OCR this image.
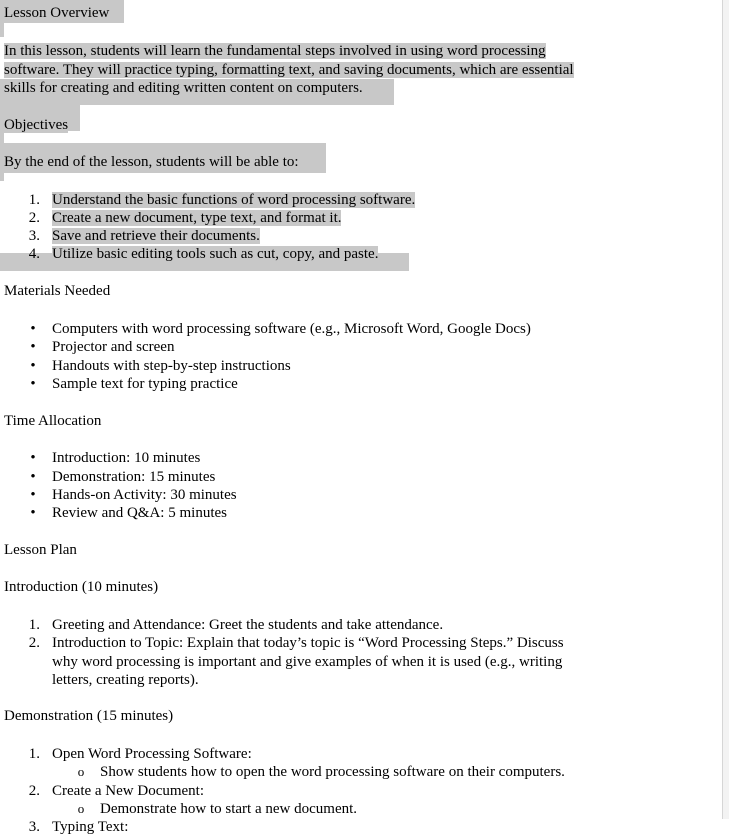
Lesson Overview
In this lesson, students will learn the fundamental steps involved in using word processing
software. They will practice typing, formatting text, and saving documents, which are essential
skills for creating and editing written content on computers.
Objectives
By the end of the lesson, students will be able to:
1. Understand the basic functions of word processing software.
2. Create a new document, type text, and format it.
3. Save and retrieve their documents.
4. Utilize basic editing tools such as cut, copy, and paste.
Materials Needed
• Computers with word processing software (e.g., Microsoft Word, Google Docs)
• Projector and screen
• Handouts with step-by-step instructions
• Sample text for typing practice
Time Allocation
• Introduction: 10 minutes
• Demonstration: 15 minutes
• Hands-on Activity: 30 minutes
• Review and Q&A: 5 minutes
Lesson Plan
Introduction (10 minutes)
1. Greeting and Attendance: Greet the students and take attendance.
2. Introduction to Topic: Explain that today’s topic is “Word Processing Steps.” Discuss
why word processing is important and give examples of when it is used (e.g., writing
letters, creating reports).
Demonstration (15 minutes)
1. Open Word Processing Software:
o Show students how to open the word processing software on their computers.
2. Create a New Document:
o Demonstrate how to start a new document.
3. Typing Text:
